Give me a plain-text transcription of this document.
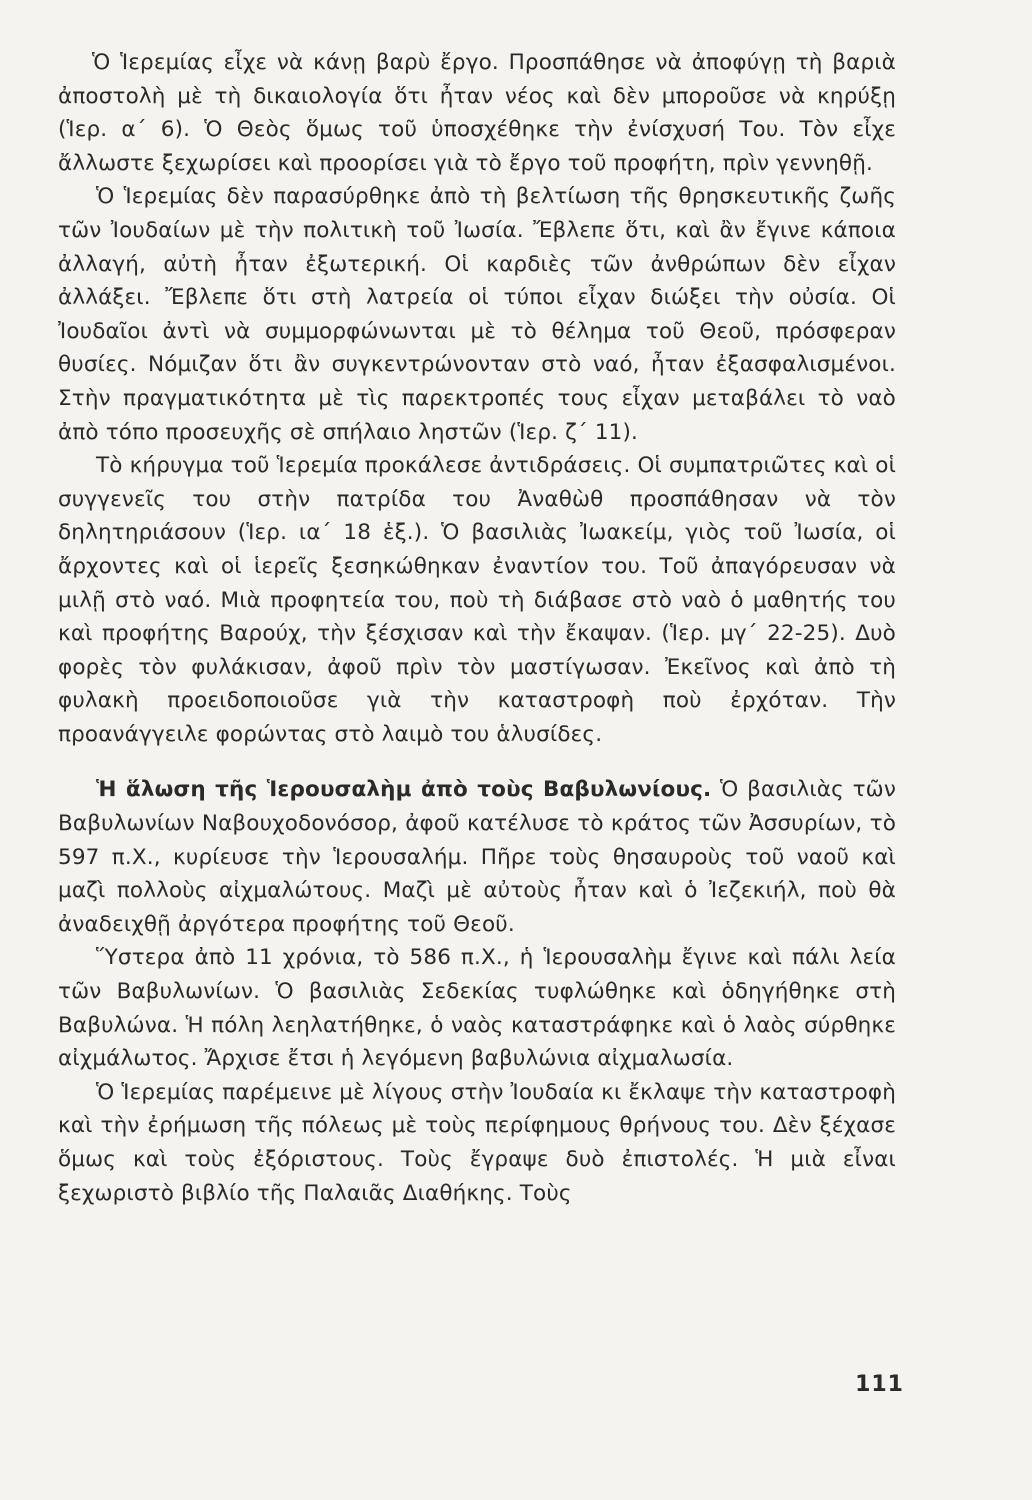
Ὁ Ἱερεμίας εἶχε νὰ κάνῃ βαρὺ ἔργο. Προσπάθησε νὰ ἀποφύγῃ τὴ βαριὰ ἀποστολὴ μὲ τὴ δικαιολογία ὅτι ἦταν νέος καὶ δὲν μποροῦσε νὰ κηρύξῃ (Ἱερ. α΄ 6). Ὁ Θεὸς ὅμως τοῦ ὑποσχέθηκε τὴν ἐνίσχυσή Του. Τὸν εἶχε ἄλλωστε ξεχωρίσει καὶ προορίσει γιὰ τὸ ἔργο τοῦ προφήτη, πρὶν γεννηθῇ.

Ὁ Ἱερεμίας δὲν παρασύρθηκε ἀπὸ τὴ βελτίωση τῆς θρησκευτικῆς ζωῆς τῶν Ἰουδαίων μὲ τὴν πολιτικὴ τοῦ Ἰωσία. Ἔβλεπε ὅτι, καὶ ἂν ἔγινε κάποια ἀλλαγή, αὐτὴ ἦταν ἐξωτερική. Οἱ καρδιὲς τῶν ἀνθρώπων δὲν εἶχαν ἀλλάξει. Ἔβλεπε ὅτι στὴ λατρεία οἱ τύποι εἶχαν διώξει τὴν οὐσία. Οἱ Ἰουδαῖοι ἀντὶ νὰ συμμορφώνωνται μὲ τὸ θέλημα τοῦ Θεοῦ, πρόσφεραν θυσίες. Νόμιζαν ὅτι ἂν συγκεντρώνονταν στὸ ναό, ἦταν ἐξασφαλισμένοι. Στὴν πραγματικότητα μὲ τὶς παρεκτροπές τους εἶχαν μεταβάλει τὸ ναὸ ἀπὸ τόπο προσευχῆς σὲ σπήλαιο ληστῶν (Ἱερ. ζ΄ 11).

Τὸ κήρυγμα τοῦ Ἱερεμία προκάλεσε ἀντιδράσεις. Οἱ συμπατριῶτες καὶ οἱ συγγενεῖς του στὴν πατρίδα του Ἀναθὼθ προσπάθησαν νὰ τὸν δηλητηριάσουν (Ἱερ. ια΄ 18 ἑξ.). Ὁ βασιλιὰς Ἰωακείμ, γιὸς τοῦ Ἰωσία, οἱ ἄρχοντες καὶ οἱ ἱερεῖς ξεσηκώθηκαν ἐναντίον του. Τοῦ ἀπαγόρευσαν νὰ μιλῇ στὸ ναό. Μιὰ προφητεία του, ποὺ τὴ διάβασε στὸ ναὸ ὁ μαθητής του καὶ προφήτης Βαρούχ, τὴν ξέσχισαν καὶ τὴν ἔκαψαν. (Ἱερ. μγ΄ 22-25). Δυὸ φορὲς τὸν φυλάκισαν, ἀφοῦ πρὶν τὸν μαστίγωσαν. Ἐκεῖνος καὶ ἀπὸ τὴ φυλακὴ προειδοποιοῦσε γιὰ τὴν καταστροφὴ ποὺ ἐρχόταν. Τὴν προανάγγειλε φορώντας στὸ λαιμὸ του ἁλυσίδες.

Ἡ ἅλωση τῆς Ἱερουσαλὴμ ἀπὸ τοὺς Βαβυλωνίους. Ὁ βασιλιὰς τῶν Βαβυλωνίων Ναβουχοδονόσορ, ἀφοῦ κατέλυσε τὸ κράτος τῶν Ἀσσυρίων, τὸ 597 π.Χ., κυρίευσε τὴν Ἱερουσαλήμ. Πῆρε τοὺς θησαυροὺς τοῦ ναοῦ καὶ μαζὶ πολλοὺς αἰχμαλώτους. Μαζὶ μὲ αὐτοὺς ἦταν καὶ ὁ Ἰεζεκιήλ, ποὺ θὰ ἀναδειχθῇ ἀργότερα προφήτης τοῦ Θεοῦ.

Ὕστερα ἀπὸ 11 χρόνια, τὸ 586 π.Χ., ἡ Ἱερουσαλὴμ ἔγινε καὶ πάλι λεία τῶν Βαβυλωνίων. Ὁ βασιλιὰς Σεδεκίας τυφλώθηκε καὶ ὁδηγήθηκε στὴ Βαβυλώνα. Ἡ πόλη λεηλατήθηκε, ὁ ναὸς καταστράφηκε καὶ ὁ λαὸς σύρθηκε αἰχμάλωτος. Ἄρχισε ἔτσι ἡ λεγόμενη βαβυλώνια αἰχμαλωσία.

Ὁ Ἱερεμίας παρέμεινε μὲ λίγους στὴν Ἰουδαία κι ἔκλαψε τὴν καταστροφὴ καὶ τὴν ἐρήμωση τῆς πόλεως μὲ τοὺς περίφημους θρήνους του. Δὲν ξέχασε ὅμως καὶ τοὺς ἐξόριστους. Τοὺς ἔγραψε δυὸ ἐπιστολές. Ἡ μιὰ εἶναι ξεχωριστὸ βιβλίο τῆς Παλαιᾶς Διαθήκης. Τοὺς

111
